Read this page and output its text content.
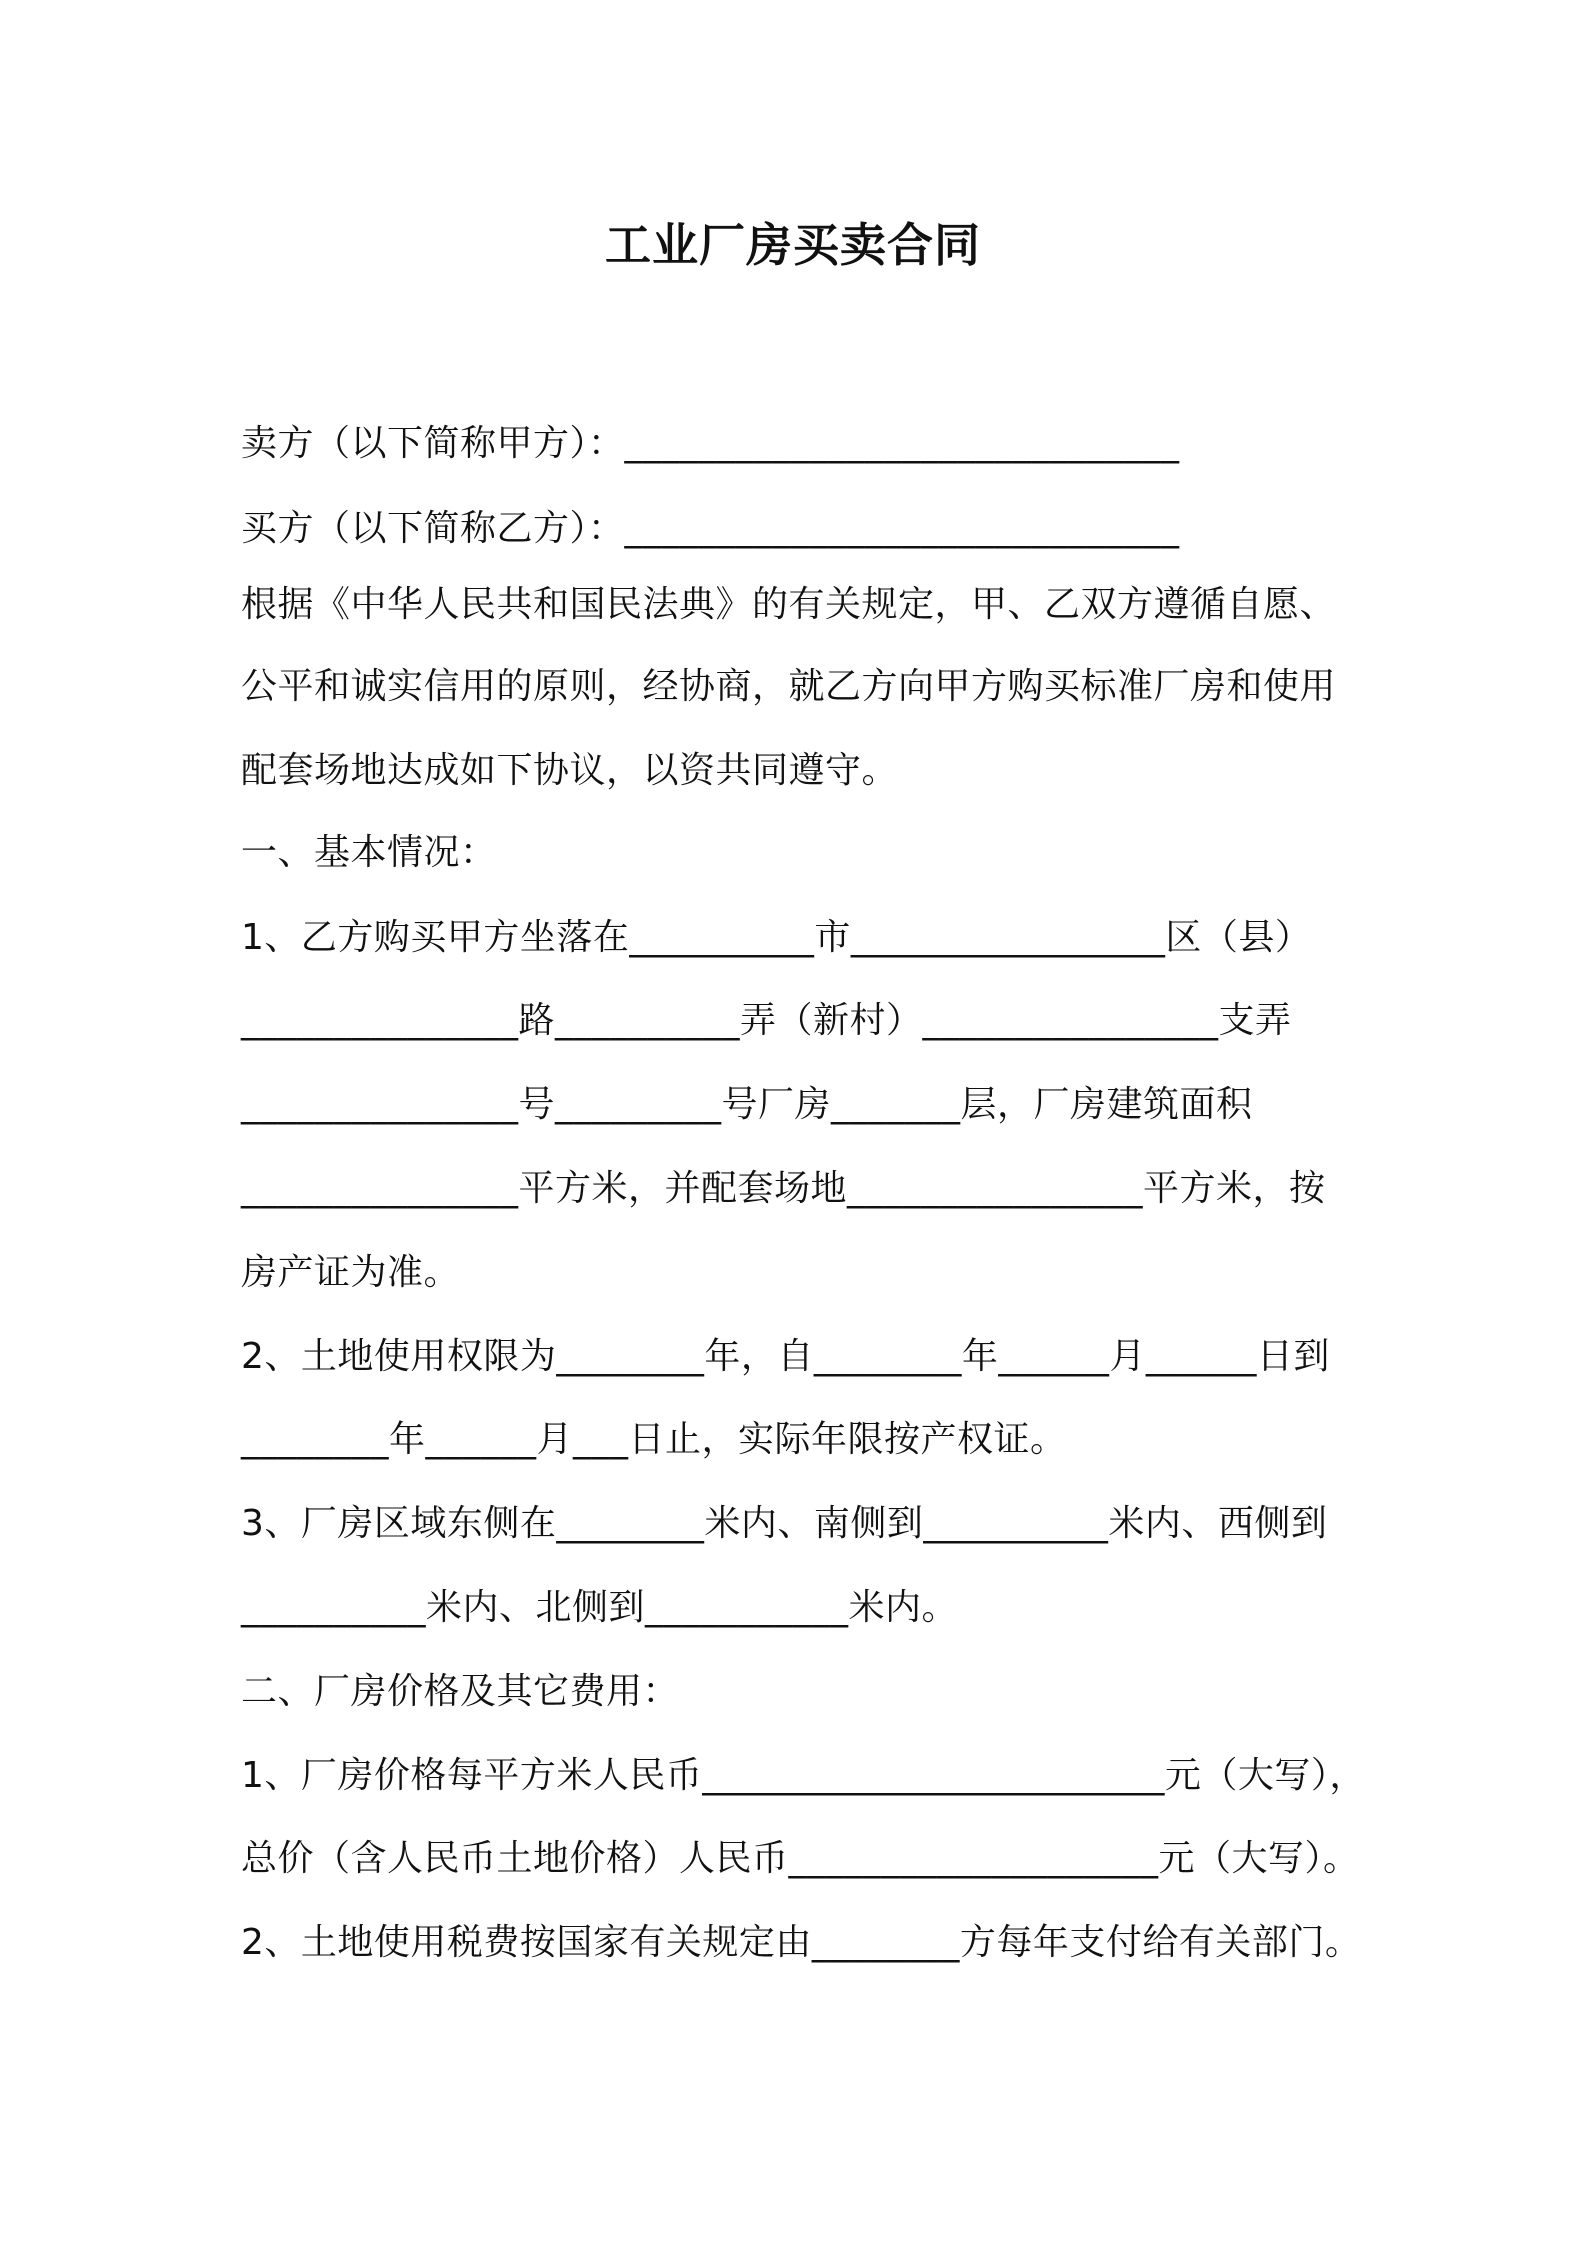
工业厂房买卖合同
卖方（以下简称甲方）：______________________________
买方（以下简称乙方）：______________________________
根据《中华人民共和国民法典》的有关规定，甲、乙双方遵循自愿、
公平和诚实信用的原则，经协商，就乙方向甲方购买标准厂房和使用
配套场地达成如下协议，以资共同遵守。
一、基本情况：
1、乙方购买甲方坐落在__________市_________________区（县）
_______________路__________弄（新村）________________支弄
_______________号_________号厂房_______层，厂房建筑面积
_______________平方米，并配套场地________________平方米，按
房产证为准。
2、土地使用权限为________年，自________年______月______日到
________年______月___日止，实际年限按产权证。
3、厂房区域东侧在________米内、南侧到__________米内、西侧到
__________米内、北侧到___________米内。
二、厂房价格及其它费用：
1、厂房价格每平方米人民币_________________________元（大写），
总价（含人民币土地价格）人民币____________________元（大写）。
2、土地使用税费按国家有关规定由________方每年支付给有关部门。
